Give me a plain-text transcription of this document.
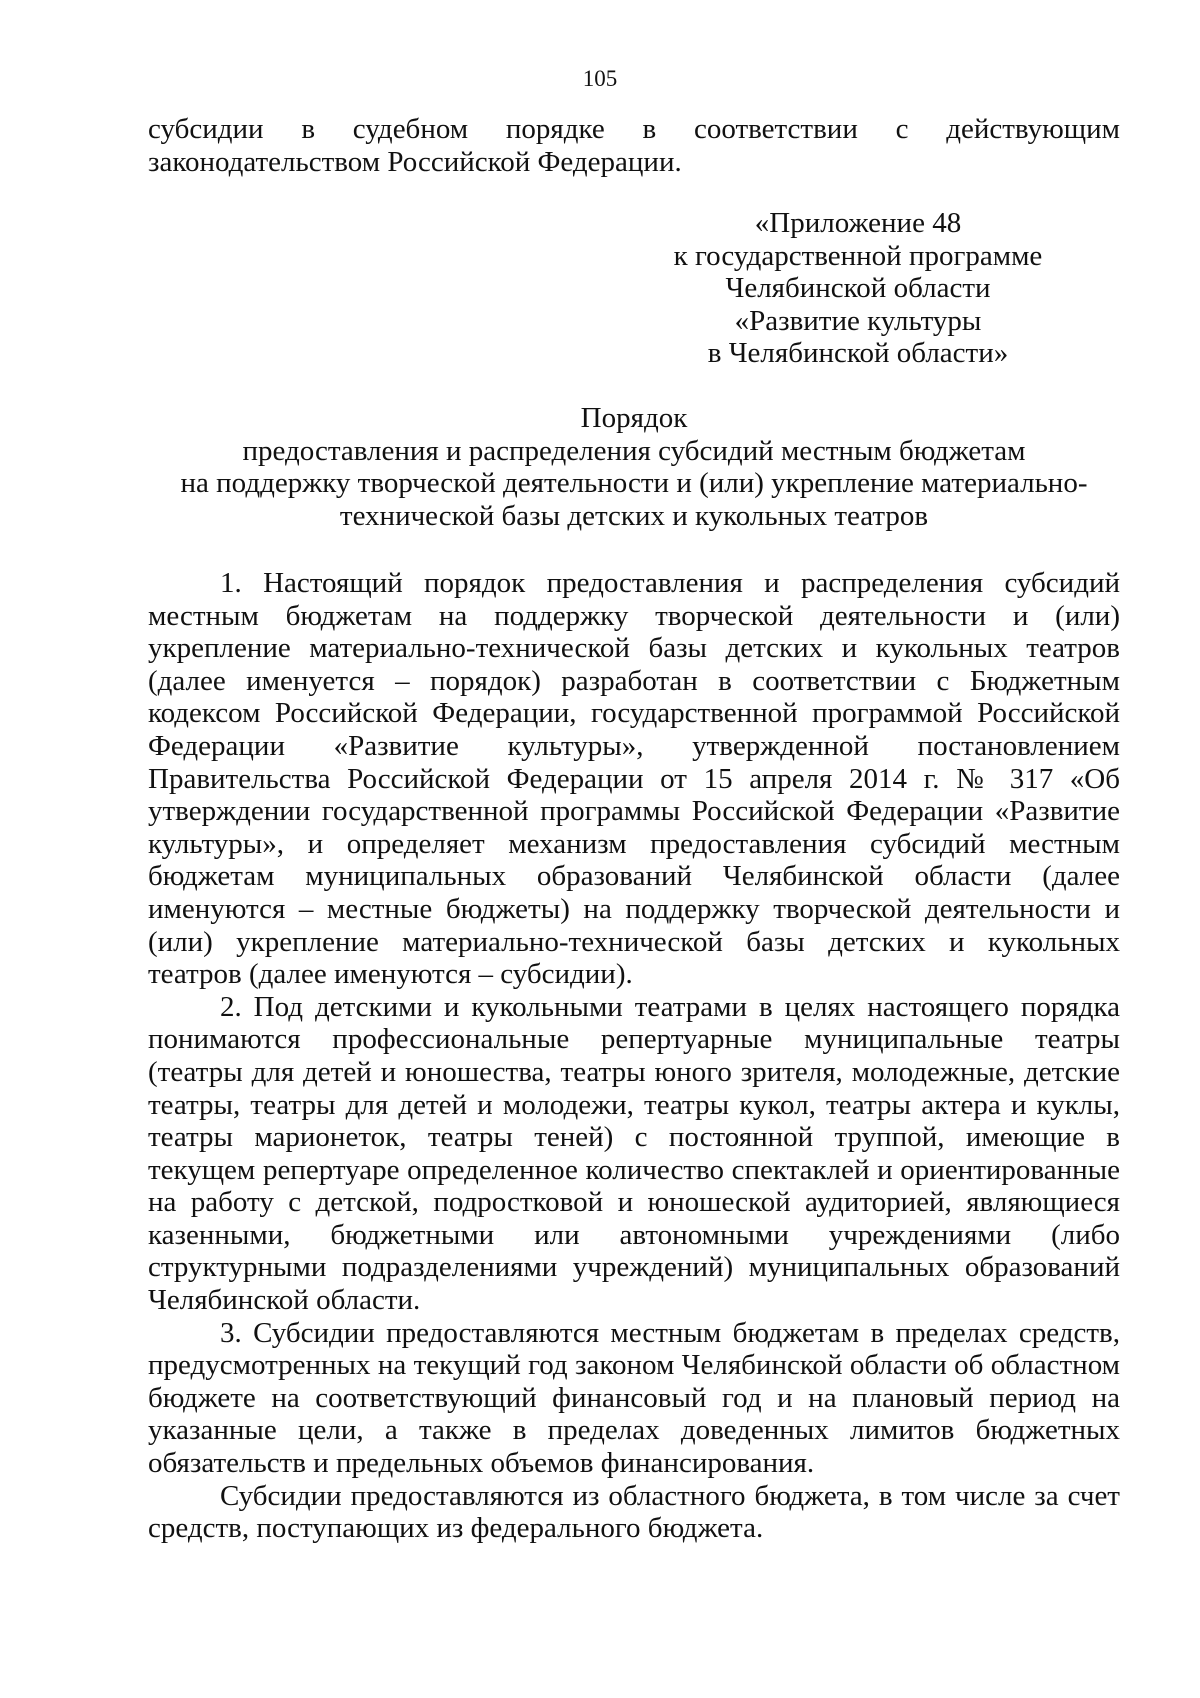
105
субсидии в судебном порядке в соответствии с действующим законодательством Российской Федерации.
«Приложение 48
к государственной программе
Челябинской области
«Развитие культуры
в Челябинской области»
Порядок
предоставления и распределения субсидий местным бюджетам
на поддержку творческой деятельности и (или) укрепление материально-
технической базы детских и кукольных театров

1. Настоящий порядок предоставления и распределения субсидий местным бюджетам на поддержку творческой деятельности и (или) укрепление материально-технической базы детских и кукольных театров (далее именуется – порядок) разработан в соответствии с Бюджетным кодексом Российской Федерации, государственной программой Российской Федерации «Развитие культуры», утвержденной постановлением Правительства Российской Федерации от 15 апреля 2014 г. № 317 «Об утверждении государственной программы Российской Федерации «Развитие культуры», и определяет механизм предоставления субсидий местным бюджетам муниципальных образований Челябинской области (далее именуются – местные бюджеты) на поддержку творческой деятельности и (или) укрепление материально-технической базы детских и кукольных театров (далее именуются – субсидии).

2. Под детскими и кукольными театрами в целях настоящего порядка понимаются профессиональные репертуарные муниципальные театры (театры для детей и юношества, театры юного зрителя, молодежные, детские театры, театры для детей и молодежи, театры кукол, театры актера и куклы, театры марионеток, театры теней) с постоянной труппой, имеющие в текущем репертуаре определенное количество спектаклей и ориентированные на работу с детской, подростковой и юношеской аудиторией, являющиеся казенными, бюджетными или автономными учреждениями (либо структурными подразделениями учреждений) муниципальных образований Челябинской области.

3. Субсидии предоставляются местным бюджетам в пределах средств, предусмотренных на текущий год законом Челябинской области об областном бюджете на соответствующий финансовый год и на плановый период на указанные цели, а также в пределах доведенных лимитов бюджетных обязательств и предельных объемов финансирования.

Субсидии предоставляются из областного бюджета, в том числе за счет средств, поступающих из федерального бюджета.
